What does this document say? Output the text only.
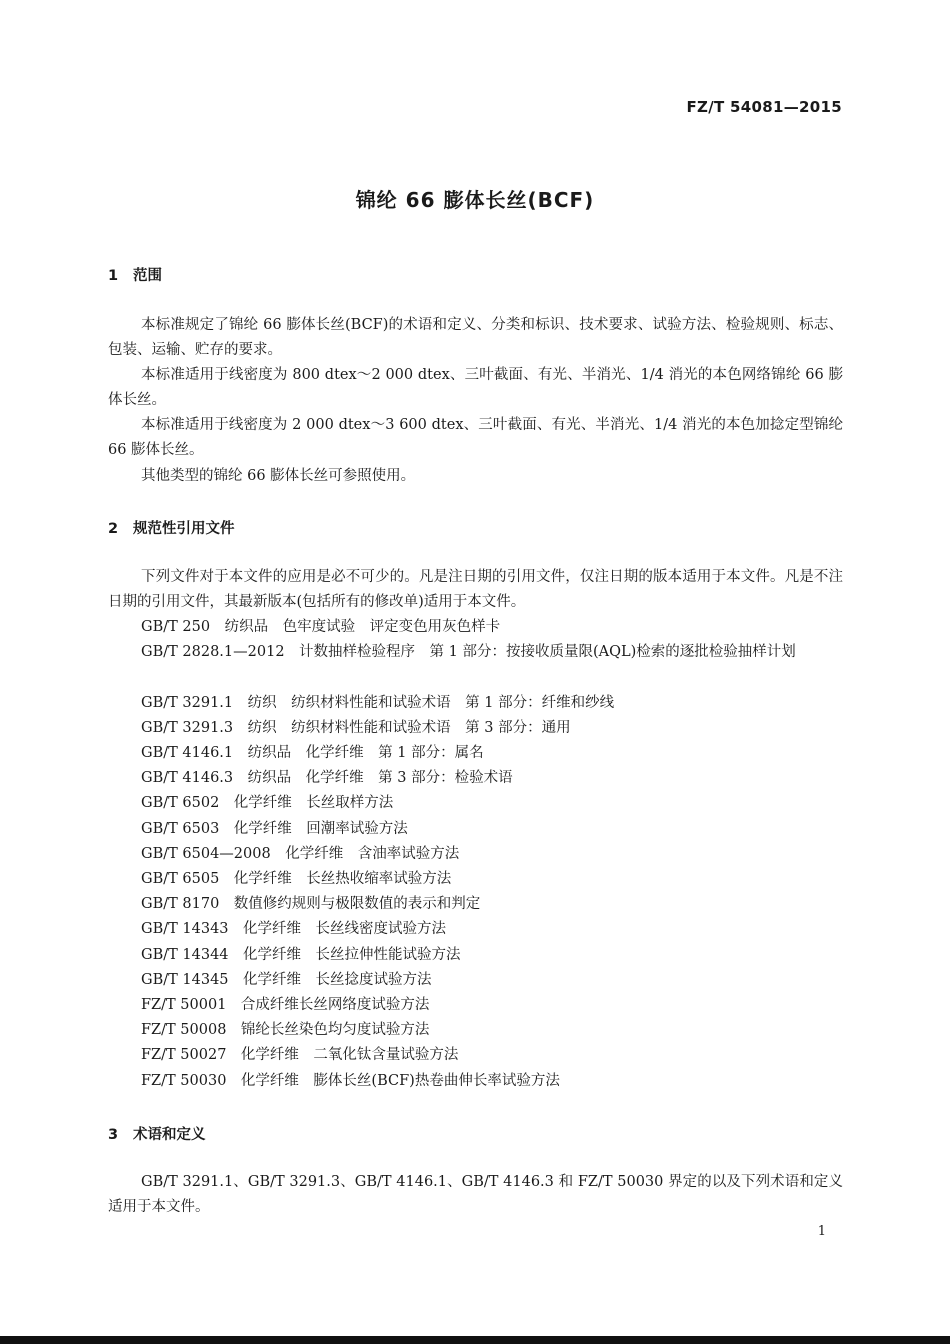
FZ/T 54081—2015
锦纶 66 膨体长丝(BCF)
1 范围
本标准规定了锦纶 66 膨体长丝(BCF)的术语和定义、分类和标识、技术要求、试验方法、检验规则、标志、包装、运输、贮存的要求。
本标准适用于线密度为 800 dtex～2 000 dtex、三叶截面、有光、半消光、1/4 消光的本色网络锦纶 66 膨体长丝。
本标准适用于线密度为 2 000 dtex～3 600 dtex、三叶截面、有光、半消光、1/4 消光的本色加捻定型锦纶 66 膨体长丝。
其他类型的锦纶 66 膨体长丝可参照使用。
2 规范性引用文件
下列文件对于本文件的应用是必不可少的。凡是注日期的引用文件，仅注日期的版本适用于本文件。凡是不注日期的引用文件，其最新版本(包括所有的修改单)适用于本文件。
GB/T 250　纺织品　色牢度试验　评定变色用灰色样卡
GB/T 2828.1—2012　计数抽样检验程序　第 1 部分：按接收质量限(AQL)检索的逐批检验抽样计划
GB/T 3291.1　纺织　纺织材料性能和试验术语　第 1 部分：纤维和纱线
GB/T 3291.3　纺织　纺织材料性能和试验术语　第 3 部分：通用
GB/T 4146.1　纺织品　化学纤维　第 1 部分：属名
GB/T 4146.3　纺织品　化学纤维　第 3 部分：检验术语
GB/T 6502　化学纤维　长丝取样方法
GB/T 6503　化学纤维　回潮率试验方法
GB/T 6504—2008　化学纤维　含油率试验方法
GB/T 6505　化学纤维　长丝热收缩率试验方法
GB/T 8170　数值修约规则与极限数值的表示和判定
GB/T 14343　化学纤维　长丝线密度试验方法
GB/T 14344　化学纤维　长丝拉伸性能试验方法
GB/T 14345　化学纤维　长丝捻度试验方法
FZ/T 50001　合成纤维长丝网络度试验方法
FZ/T 50008　锦纶长丝染色均匀度试验方法
FZ/T 50027　化学纤维　二氧化钛含量试验方法
FZ/T 50030　化学纤维　膨体长丝(BCF)热卷曲伸长率试验方法
3 术语和定义
GB/T 3291.1、GB/T 3291.3、GB/T 4146.1、GB/T 4146.3 和 FZ/T 50030 界定的以及下列术语和定义适用于本文件。
1
